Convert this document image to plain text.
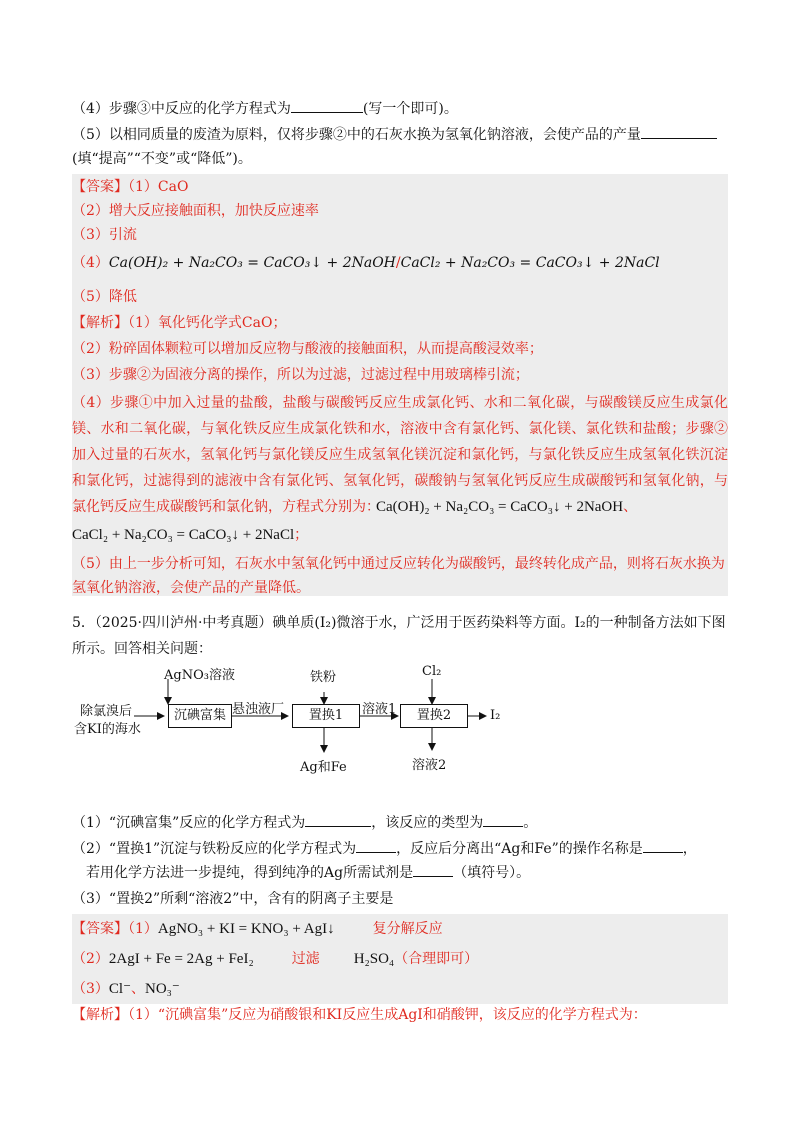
（4）步骤③中反应的化学方程式为	(写一个即可)。
（5）以相同质量的废渣为原料，仅将步骤②中的石灰水换为氢氧化钠溶液，会使产品的产量
(填“提高”“不变”或“降低”)。
【答案】（1）CaO
（2）增大反应接触面积，加快反应速率
（3）引流
（4）Ca(OH)₂ + Na₂CO₃ = CaCO₃↓ + 2NaOH/CaCl₂ + Na₂CO₃ = CaCO₃↓ + 2NaCl
（5）降低
【解析】（1）氧化钙化学式CaO；
（2）粉碎固体颗粒可以增加反应物与酸液的接触面积，从而提高酸浸效率；
（3）步骤②为固液分离的操作，所以为过滤，过滤过程中用玻璃棒引流；
（4）步骤①中加入过量的盐酸，盐酸与碳酸钙反应生成氯化钙、水和二氧化碳，与碳酸镁反应生成氯化镁、水和二氧化碳，与氧化铁反应生成氯化铁和水，溶液中含有氯化钙、氯化镁、氯化铁和盐酸；步骤②加入过量的石灰水，氢氧化钙与氯化镁反应生成氢氧化镁沉淀和氯化钙，与氯化铁反应生成氢氧化铁沉淀和氯化钙，过滤得到的滤液中含有氯化钙、氢氧化钙，碳酸钠与氢氧化钙反应生成碳酸钙和氢氧化钠，与氯化钙反应生成碳酸钙和氯化钠，方程式分别为：
Ca(OH)₂ + Na₂CO₃ = CaCO₃↓ + 2NaOH、
CaCl₂ + Na₂CO₃ = CaCO₃↓ + 2NaCl；
（5）由上一步分析可知，石灰水中氢氧化钙中通过反应转化为碳酸钙，最终转化成产品，则将石灰水换为氢氧化钠溶液，会使产品的产量降低。
5．（2025·四川泸州·中考真题）碘单质(I₂)微溶于水，广泛用于医药染料等方面。I₂的一种制备方法如下图所示。回答相关问题：
AgNO₃溶液	铁粉	Cl₂
除氯溴后
含KI的海水
沉碘富集 悬浊液厂	置换1	溶液1	置换2	I₂
Ag和Fe	溶液2
（1）“沉碘富集”反应的化学方程式为	，该反应的类型为	。
（2）“置换1”沉淀与铁粉反应的化学方程式为	，反应后分离出“Ag和Fe”的操作名称是	，
若用化学方法进一步提纯，得到纯净的Ag所需试剂是	（填符号）。
（3）“置换2”所剩“溶液2”中，含有的阴离子主要是
【答案】（1）AgNO₃ + KI = KNO₃ + AgI↓	复分解反应
（2）2AgI + Fe = 2Ag + FeI₂	过滤 H₂SO₄（合理即可）
（3）Cl⁻、NO₃⁻
【解析】（1）“沉碘富集”反应为硝酸银和KI反应生成AgI和硝酸钾，该反应的化学方程式为：
